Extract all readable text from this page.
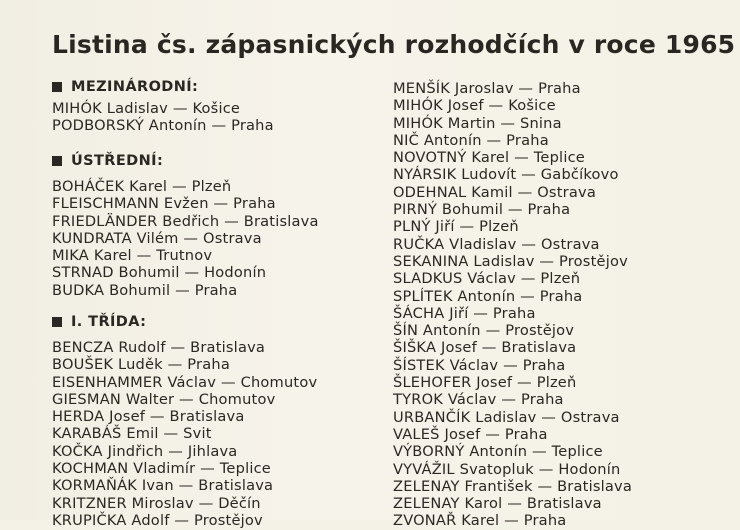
Listina čs. zápasnických rozhodčích v roce 1965
MEZINÁRODNÍ:
MIHÓK Ladislav — Košice
PODBORSKÝ Antonín — Praha
ÚSTŘEDNÍ:
BOHÁČEK Karel — Plzeň
FLEISCHMANN Evžen — Praha
FRIEDLÄNDER Bedřich — Bratislava
KUNDRATA Vilém — Ostrava
MIKA Karel — Trutnov
STRNAD Bohumil — Hodonín
BUDKA Bohumil — Praha
I. TŘÍDA:
BENCZA Rudolf — Bratislava
BOUŠEK Luděk — Praha
EISENHAMMER Václav — Chomutov
GIESMAN Walter — Chomutov
HERDA Josef — Bratislava
KARABÁŠ Emil — Svit
KOČKA Jindřich — Jihlava
KOCHMAN Vladimír — Teplice
KORMAŇÁK Ivan — Bratislava
KRITZNER Miroslav — Děčín
KRUPIČKA Adolf — Prostějov
MENŠÍK Jaroslav — Praha
MIHÓK Josef — Košice
MIHÓK Martin — Snina
NIČ Antonín — Praha
NOVOTNÝ Karel — Teplice
NYÁRSIK Ludovít — Gabčíkovo
ODEHNAL Kamil — Ostrava
PIRNÝ Bohumil — Praha
PLNÝ Jiří — Plzeň
RUČKA Vladislav — Ostrava
SEKANINA Ladislav — Prostějov
SLADKUS Václav — Plzeň
SPLÍTEK Antonín — Praha
ŠÁCHA Jiří — Praha
ŠÍN Antonín — Prostějov
ŠIŠKA Josef — Bratislava
ŠÍSTEK Václav — Praha
ŠLEHOFER Josef — Plzeň
TYROK Václav — Praha
URBANČÍK Ladislav — Ostrava
VALEŠ Josef — Praha
VÝBORNÝ Antonín — Teplice
VYVÁŽIL Svatopluk — Hodonín
ZELENAY František — Bratislava
ZELENAY Karol — Bratislava
ZVONAŘ Karel — Praha
